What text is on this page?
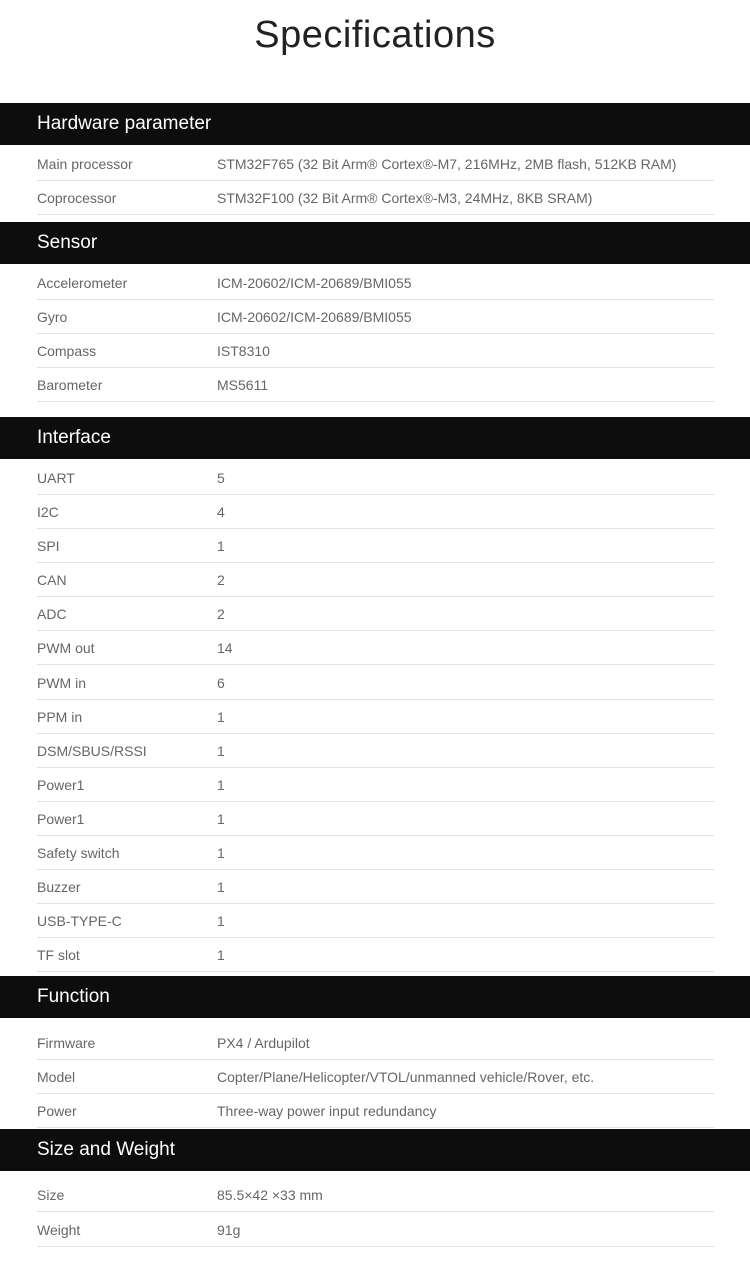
Specifications
Hardware parameter
Main processor	STM32F765 (32 Bit Arm® Cortex®-M7, 216MHz, 2MB flash, 512KB RAM)
Coprocessor	STM32F100 (32 Bit Arm® Cortex®-M3, 24MHz, 8KB SRAM)
Sensor
Accelerometer	ICM-20602/ICM-20689/BMI055
Gyro	ICM-20602/ICM-20689/BMI055
Compass	IST8310
Barometer	MS5611
Interface
UART	5
I2C	4
SPI	1
CAN	2
ADC	2
PWM out	14
PWM in	6
PPM in	1
DSM/SBUS/RSSI	1
Power1	1
Power1	1
Safety switch	1
Buzzer	1
USB-TYPE-C	1
TF slot	1
Function
Firmware	PX4 / Ardupilot
Model	Copter/Plane/Helicopter/VTOL/unmanned vehicle/Rover, etc.
Power	Three-way power input redundancy
Size and Weight
Size	85.5×42 ×33 mm
Weight	91g
